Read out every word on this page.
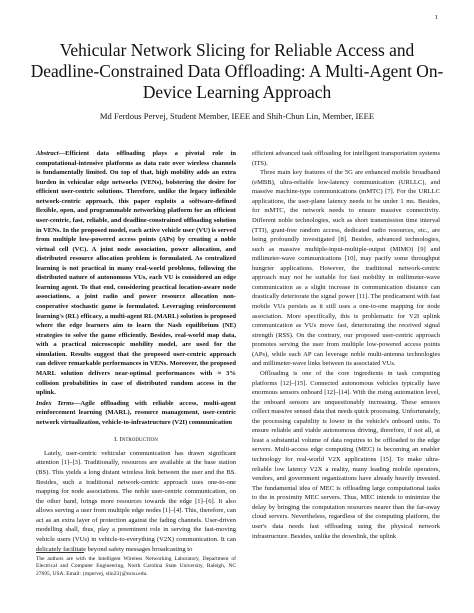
1
Vehicular Network Slicing for Reliable Access and Deadline-Constrained Data Offloading: A Multi-Agent On-Device Learning Approach
Md Ferdous Pervej, Student Member, IEEE and Shih-Chun Lin, Member, IEEE

Abstract—Efficient data offloading plays a pivotal role in computational-intensive platforms as data rate over wireless channels is fundamentally limited. On top of that, high mobility adds an extra burden in vehicular edge networks (VENs), bolstering the desire for efficient user-centric solutions. Therefore, unlike the legacy inflexible network-centric approach, this paper exploits a software-defined flexible, open, and programmable networking platform for an efficient user-centric, fast, reliable, and deadline-constrained offloading solution in VENs. In the proposed model, each active vehicle user (VU) is served from multiple low-powered access points (APs) by creating a noble virtual cell (VC). A joint node association, power allocation, and distributed resource allocation problem is formulated. As centralized learning is not practical in many real-world problems, following the distributed nature of autonomous VUs, each VU is considered an edge learning agent. To that end, considering practical location-aware node associations, a joint radio and power resource allocation non-cooperative stochastic game is formulated. Leveraging reinforcement learning's (RL) efficacy, a multi-agent RL (MARL) solution is proposed where the edge learners aim to learn the Nash equilibrium (NE) strategies to solve the game efficiently. Besides, real-world map data, with a practical microscopic mobility model, are used for the simulation. Results suggest that the proposed user-centric approach can deliver remarkable performances in VENs. Moreover, the proposed MARL solution delivers near-optimal performances with ≈ 3% collision probabilities in case of distributed random access in the uplink.

Index Terms—Agile offloading with reliable access, multi-agent reinforcement learning (MARL), resource management, user-centric network virtualization, vehicle-to-infrastructure (V2I) communication

I. Introduction

Lately, user-centric vehicular communication has drawn significant attention [1]–[3]. Traditionally, resources are available at the base station (BS). This yields a long distant wireless link between the user and the BS. Besides, such a traditional network-centric approach uses one-to-one mapping for node associations. The noble user-centric communication, on the other hand, brings more resources towards the edge [1]–[6]. It also allows serving a user from multiple edge nodes [1]–[4]. This, therefore, can act as an extra layer of protection against the fading channels. User-driven modelling shall, thus, play a preeminent role in serving the fast-moving vehicle users (VUs) in vehicle-to-everything (V2X) communication. It can delicately facilitate beyond safety messages broadcasting to

efficient advanced task offloading for intelligent transportation systems (ITS).

Three main key features of the 5G are enhanced mobile broadband (eMBB), ultra-reliable low-latency communication (URLLC), and massive machine-type communications (mMTC) [7]. For the URLLC applications, the user-plane latency needs to be under 1 ms. Besides, for mMTC, the network needs to ensure massive connectivity. Different noble technologies, such as short transmission time interval (TTI), grant-free random access, dedicated radio resources, etc., are being profoundly investigated [8]. Besides, advanced technologies, such as massive multiple-input-multiple-output (MIMO) [9] and millimeter-wave communications [10], may pacify some throughput hungrier applications. However, the traditional network-centric approach may not be suitable for fast mobility in millimeter-wave communication as a slight increase in communication distance can drastically deteriorate the signal power [11]. The predicament with fast mobile VUs persists as it still uses a one-to-one mapping for node association. More specifically, this is problematic for V2I uplink communication as VUs move fast, deteriorating the received signal strength (RSS). On the contrary, our proposed user-centric approach promotes serving the user from multiple low-powered access points (APs), while each AP can leverage noble multi-antenna technologies and millimeter-wave links between its associated VUs.

Offloading is one of the core ingredients in task computing platforms [12]–[15]. Connected autonomous vehicles typically have enormous sensors onboard [12]–[14]. With the rising automation level, the onboard sensors are unquestionably increasing. These sensors collect massive sensed data that needs quick processing. Unfortunately, the processing capability is lower in the vehicle's onboard units. To ensure reliable and viable autonomous driving, therefore, if not all, at least a substantial volume of data requires to be offloaded to the edge servers. Multi-access edge computing (MEC) is becoming an enabler technology for real-world V2X applications [15]. To make ultra-reliable low latency V2X a reality, many leading mobile operators, vendors, and government organizations have already heavily invested. The fundamental idea of MEC is offloading large computational tasks to the in proximity MEC servers. Thus, MEC intends to minimize the delay by bringing the computation resources nearer than the far-away cloud servers. Nevertheless, regardless of the computing platform, the user's data needs fast offloading using the physical network infrastructure. Besides, unlike the downlink, the uplink

The authors are with the Intelligent Wireless Networking Laboratory, Department of Electrical and Computer Engineering, North Carolina State University, Raleigh, NC 27695, USA. Email: {mpervej, slin23}@ncsu.edu.
